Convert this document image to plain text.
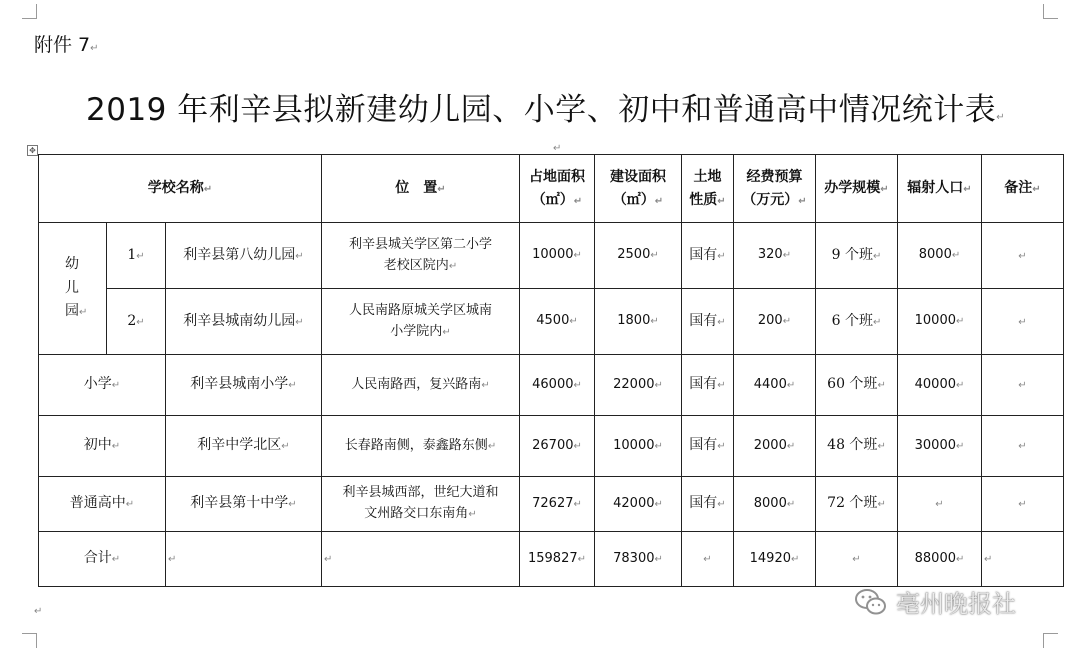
附件 7↵
2019 年利辛县拟新建幼儿园、小学、初中和普通高中情况统计表↵
✥	↵
学校名称↵			位　置↵	占地面积
（㎡）↵	建设面积
（㎡）↵	土地
性质↵	经费预算
（万元）↵	办学规模↵	辐射人口↵	备注↵
幼
儿
园↵	1↵	利辛县第八幼儿园↵	利辛县城关学区第二小学
老校区院内↵	10000↵	2500↵	国有↵	320↵	9 个班↵	8000↵	↵
	2↵	利辛县城南幼儿园↵	人民南路原城关学区城南
小学院内↵	4500↵	1800↵	国有↵	200↵	6 个班↵	10000↵	↵
小学↵		利辛县城南小学↵	人民南路西，复兴路南↵	46000↵	22000↵	国有↵	4400↵	60 个班↵	40000↵	↵
初中↵		利辛中学北区↵	长春路南侧，泰鑫路东侧↵	26700↵	10000↵	国有↵	2000↵	48 个班↵	30000↵	↵
普通高中↵		利辛县第十中学↵	利辛县城西部，世纪大道和
文州路交口东南角↵	72627↵	42000↵	国有↵	8000↵	72 个班↵	↵	↵
合计↵		↵	↵	159827↵	78300↵	↵	14920↵	↵	88000↵	↵
↵	亳州晚报社
